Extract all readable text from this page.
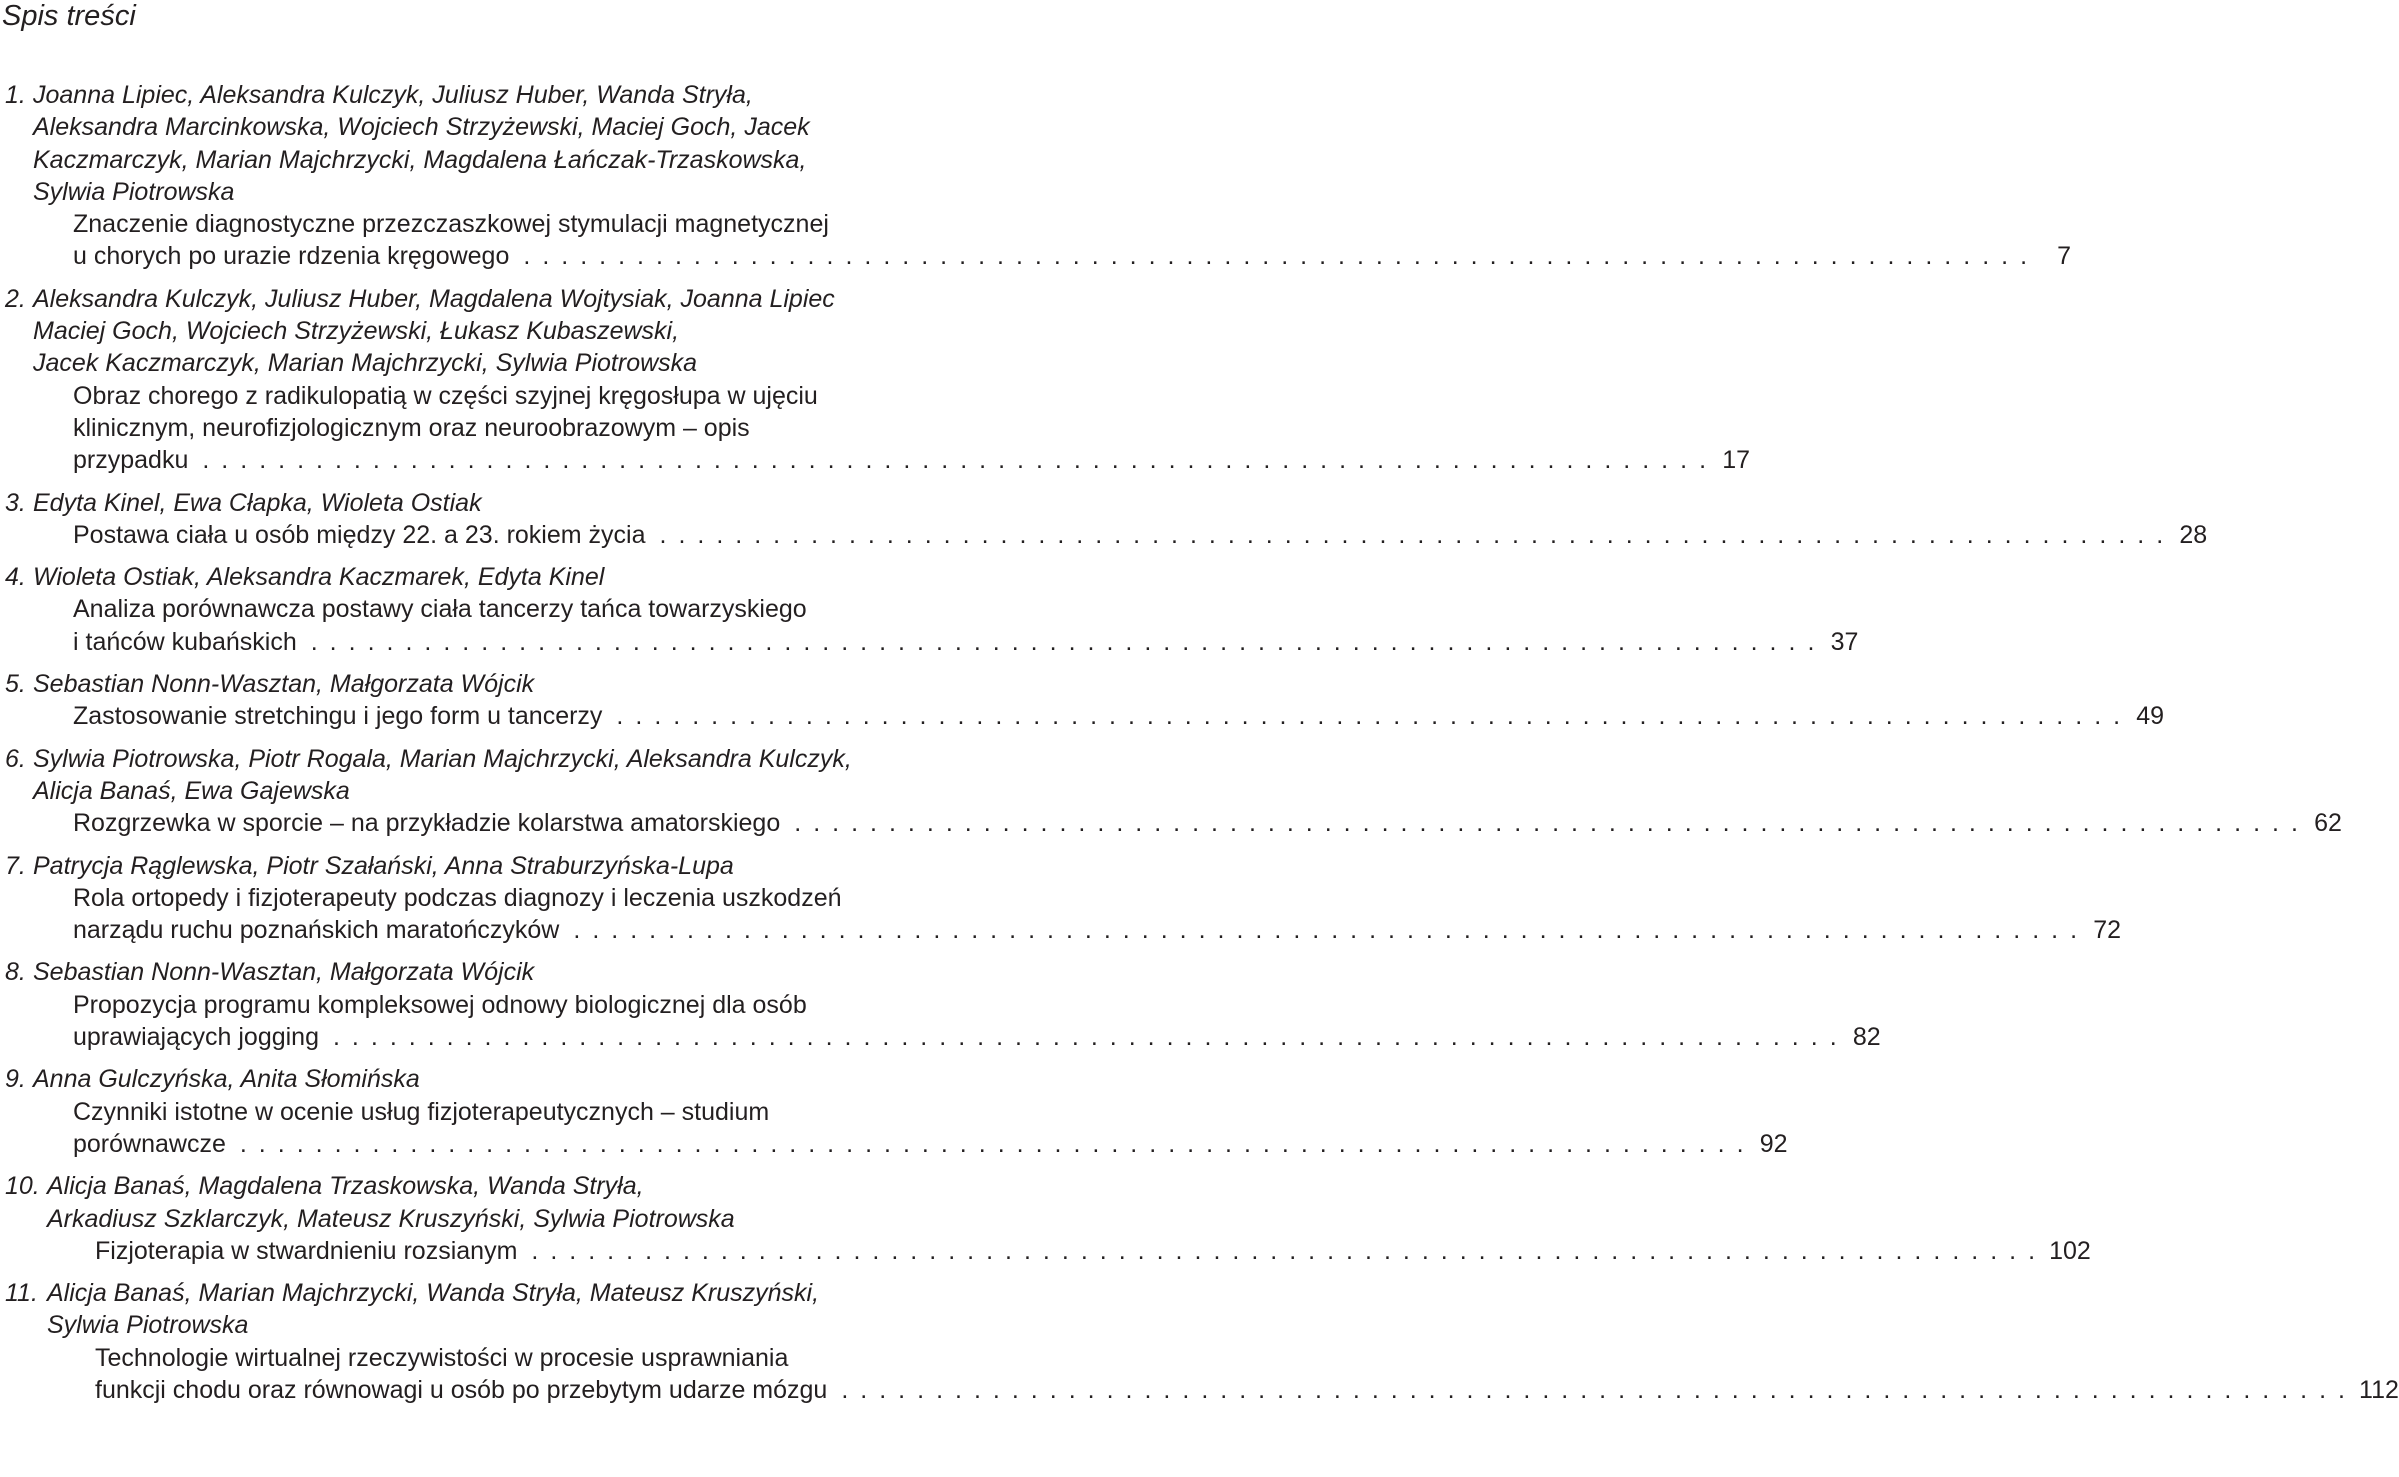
Spis treści
1. Joanna Lipiec, Aleksandra Kulczyk, Juliusz Huber, Wanda Stryła,
Aleksandra Marcinkowska, Wojciech Strzyżewski, Maciej Goch, Jacek
Kaczmarczyk, Marian Majchrzycki, Magdalena Łańczak-Trzaskowska,
Sylwia Piotrowska
Znaczenie diagnostyczne przezczaszkowej stymulacji magnetycznej
u chorych po urazie rdzenia kręgowego ................................................................................ 7
2. Aleksandra Kulczyk, Juliusz Huber, Magdalena Wojtysiak, Joanna Lipiec
Maciej Goch, Wojciech Strzyżewski, Łukasz Kubaszewski,
Jacek Kaczmarczyk, Marian Majchrzycki, Sylwia Piotrowska
Obraz chorego z radikulopatią w części szyjnej kręgosłupa w ujęciu
klinicznym, neurofizjologicznym oraz neuroobrazowym – opis
przypadku ................................................................................ 17
3. Edyta Kinel, Ewa Cłapka, Wioleta Ostiak
Postawa ciała u osób między 22. a 23. rokiem życia ................................................................................ 28
4. Wioleta Ostiak, Aleksandra Kaczmarek, Edyta Kinel
Analiza porównawcza postawy ciała tancerzy tańca towarzyskiego
i tańców kubańskich ................................................................................ 37
5. Sebastian Nonn-Wasztan, Małgorzata Wójcik
Zastosowanie stretchingu i jego form u tancerzy ................................................................................ 49
6. Sylwia Piotrowska, Piotr Rogala, Marian Majchrzycki, Aleksandra Kulczyk,
Alicja Banaś, Ewa Gajewska
Rozgrzewka w sporcie – na przykładzie kolarstwa amatorskiego ................................................................................ 62
7. Patrycja Rąglewska, Piotr Szałański, Anna Straburzyńska-Lupa
Rola ortopedy i fizjoterapeuty podczas diagnozy i leczenia uszkodzeń
narządu ruchu poznańskich maratończyków ................................................................................ 72
8. Sebastian Nonn-Wasztan, Małgorzata Wójcik
Propozycja programu kompleksowej odnowy biologicznej dla osób
uprawiających jogging ................................................................................ 82
9. Anna Gulczyńska, Anita Słomińska
Czynniki istotne w ocenie usług fizjoterapeutycznych – studium
porównawcze ................................................................................ 92
10. Alicja Banaś, Magdalena Trzaskowska, Wanda Stryła,
Arkadiusz Szklarczyk, Mateusz Kruszyński, Sylwia Piotrowska
Fizjoterapia w stwardnieniu rozsianym ................................................................................ 102
11. Alicja Banaś, Marian Majchrzycki, Wanda Stryła, Mateusz Kruszyński,
Sylwia Piotrowska
Technologie wirtualnej rzeczywistości w procesie usprawniania
funkcji chodu oraz równowagi u osób po przebytym udarze mózgu ................................................................................ 112
